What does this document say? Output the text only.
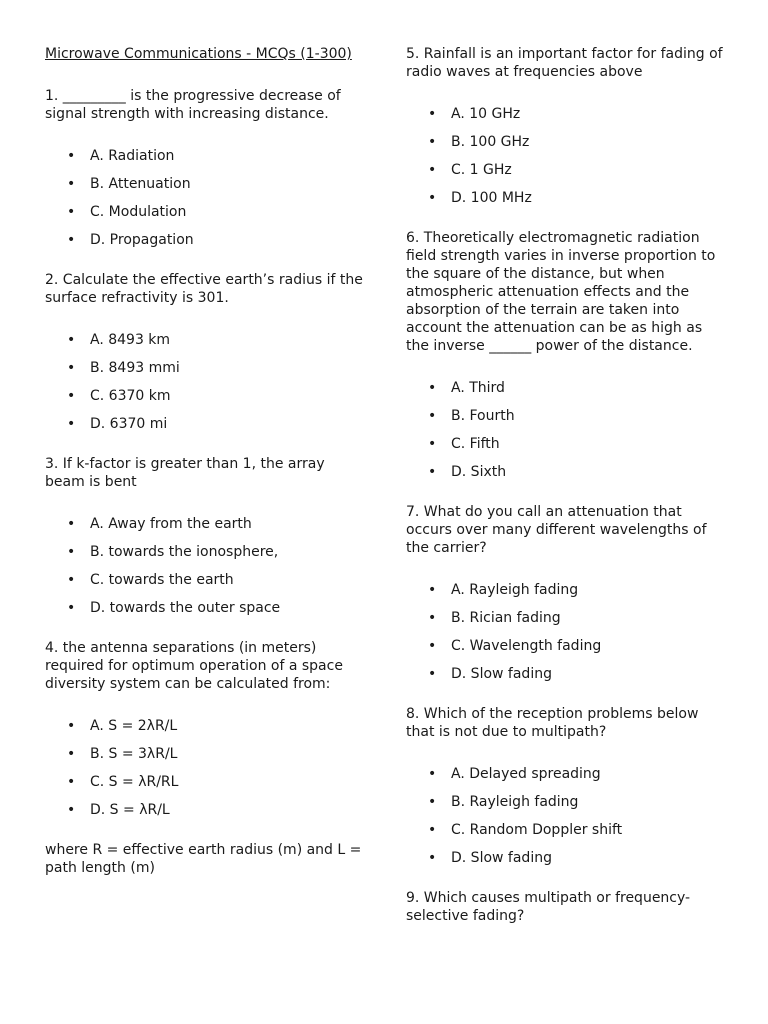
Microwave Communications - MCQs (1-300)

1. _________ is the progressive decrease of signal strength with increasing distance.

• A. Radiation
• B. Attenuation
• C. Modulation
• D. Propagation

2. Calculate the effective earth’s radius if the surface refractivity is 301.

• A. 8493 km
• B. 8493 mmi
• C. 6370 km
• D. 6370 mi

3. If k-factor is greater than 1, the array beam is bent

• A. Away from the earth
• B. towards the ionosphere,
• C. towards the earth
• D. towards the outer space

4. the antenna separations (in meters) required for optimum operation of a space diversity system can be calculated from:

• A. S = 2λR/L
• B. S = 3λR/L
• C. S = λR/RL
• D. S = λR/L

where R = effective earth radius (m) and L = path length (m)

5. Rainfall is an important factor for fading of radio waves at frequencies above

• A. 10 GHz
• B. 100 GHz
• C. 1 GHz
• D. 100 MHz

6. Theoretically electromagnetic radiation field strength varies in inverse proportion to the square of the distance, but when atmospheric attenuation effects and the absorption of the terrain are taken into account the attenuation can be as high as the inverse ______ power of the distance.

• A. Third
• B. Fourth
• C. Fifth
• D. Sixth

7. What do you call an attenuation that occurs over many different wavelengths of the carrier?

• A. Rayleigh fading
• B. Rician fading
• C. Wavelength fading
• D. Slow fading

8. Which of the reception problems below that is not due to multipath?

• A. Delayed spreading
• B. Rayleigh fading
• C. Random Doppler shift
• D. Slow fading

9. Which causes multipath or frequency-selective fading?
